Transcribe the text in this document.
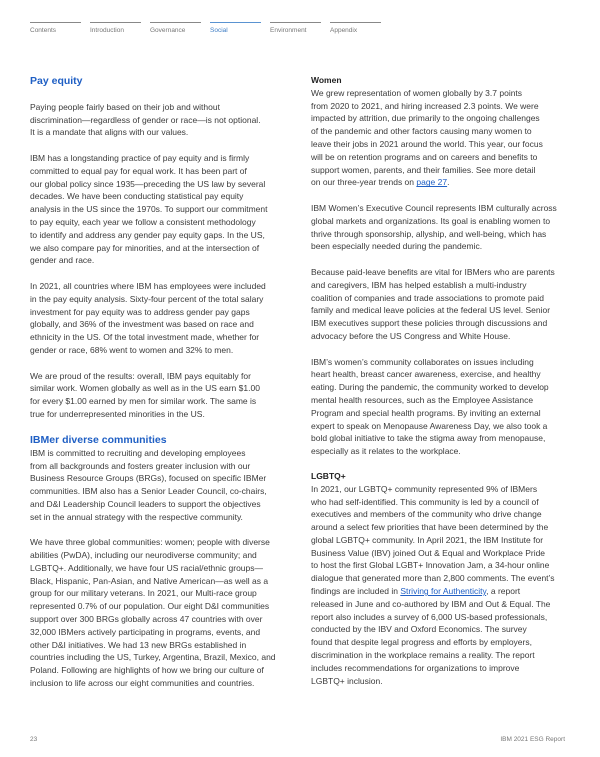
Contents	Introduction	Governance	Social	Environment	Appendix
Pay equity
Paying people fairly based on their job and without
discrimination—regardless of gender or race—is not optional.
It is a mandate that aligns with our values.
IBM has a longstanding practice of pay equity and is firmly
committed to equal pay for equal work. It has been part of
our global policy since 1935—preceding the US law by several
decades. We have been conducting statistical pay equity
analysis in the US since the 1970s. To support our commitment
to pay equity, each year we follow a consistent methodology
to identify and address any gender pay equity gaps. In the US,
we also compare pay for minorities, and at the intersection of
gender and race.
In 2021, all countries where IBM has employees were included
in the pay equity analysis. Sixty-four percent of the total salary
investment for pay equity was to address gender pay gaps
globally, and 36% of the investment was based on race and
ethnicity in the US. Of the total investment made, whether for
gender or race, 68% went to women and 32% to men.
We are proud of the results: overall, IBM pays equitably for
similar work. Women globally as well as in the US earn $1.00
for every $1.00 earned by men for similar work. The same is
true for underrepresented minorities in the US.
IBMer diverse communities
IBM is committed to recruiting and developing employees
from all backgrounds and fosters greater inclusion with our
Business Resource Groups (BRGs), focused on specific IBMer
communities. IBM also has a Senior Leader Council, co-chairs,
and D&I Leadership Council leaders to support the objectives
set in the annual strategy with the respective community.
We have three global communities: women; people with diverse
abilities (PwDA), including our neurodiverse community; and
LGBTQ+. Additionally, we have four US racial/ethnic groups—
Black, Hispanic, Pan-Asian, and Native American—as well as a
group for our military veterans. In 2021, our Multi-race group
represented 0.7% of our population. Our eight D&I communities
support over 300 BRGs globally across 47 countries with over
32,000 IBMers actively participating in programs, events, and
other D&I initiatives. We had 13 new BRGs established in
countries including the US, Turkey, Argentina, Brazil, Mexico, and
Poland. Following are highlights of how we bring our culture of
inclusion to life across our eight communities and countries.
Women
We grew representation of women globally by 3.7 points
from 2020 to 2021, and hiring increased 2.3 points. We were
impacted by attrition, due primarily to the ongoing challenges
of the pandemic and other factors causing many women to
leave their jobs in 2021 around the world. This year, our focus
will be on retention programs and on careers and benefits to
support women, parents, and their families. See more detail
on our three-year trends on page 27.
IBM Women’s Executive Council represents IBM culturally across
global markets and organizations. Its goal is enabling women to
thrive through sponsorship, allyship, and well-being, which has
been especially needed during the pandemic.
Because paid-leave benefits are vital for IBMers who are parents
and caregivers, IBM has helped establish a multi-industry
coalition of companies and trade associations to promote paid
family and medical leave policies at the federal US level. Senior
IBM executives support these policies through discussions and
advocacy before the US Congress and White House.
IBM’s women’s community collaborates on issues including
heart health, breast cancer awareness, exercise, and healthy
eating. During the pandemic, the community worked to develop
mental health resources, such as the Employee Assistance
Program and special health programs. By inviting an external
expert to speak on Menopause Awareness Day, we also took a
bold global initiative to take the stigma away from menopause,
especially as it relates to the workplace.
LGBTQ+
In 2021, our LGBTQ+ community represented 9% of IBMers
who had self-identified. This community is led by a council of
executives and members of the community who drive change
around a select few priorities that have been determined by the
global LGBTQ+ community. In April 2021, the IBM Institute for
Business Value (IBV) joined Out & Equal and Workplace Pride
to host the first Global LGBT+ Innovation Jam, a 34-hour online
dialogue that generated more than 2,800 comments. The event’s
findings are included in Striving for Authenticity, a report
released in June and co-authored by IBM and Out & Equal. The
report also includes a survey of 6,000 US-based professionals,
conducted by the IBV and Oxford Economics. The survey
found that despite legal progress and efforts by employers,
discrimination in the workplace remains a reality. The report
includes recommendations for organizations to improve
LGBTQ+ inclusion.
23	IBM 2021 ESG Report
